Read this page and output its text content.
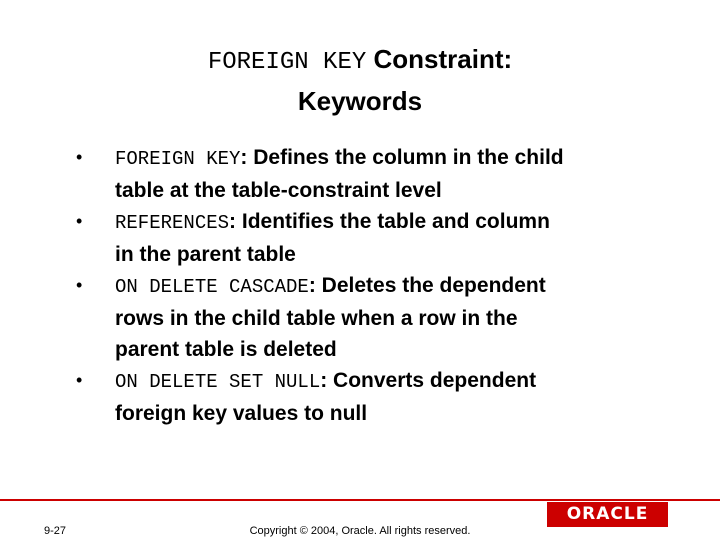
FOREIGN KEY Constraint:
Keywords
• FOREIGN KEY: Defines the column in the child
table at the table-constraint level
• REFERENCES: Identifies the table and column
in the parent table
• ON DELETE CASCADE: Deletes the dependent
rows in the child table when a row in the
parent table is deleted
• ON DELETE SET NULL: Converts dependent
foreign key values to null
ORACLE
9-27	Copyright © 2004, Oracle. All rights reserved.
